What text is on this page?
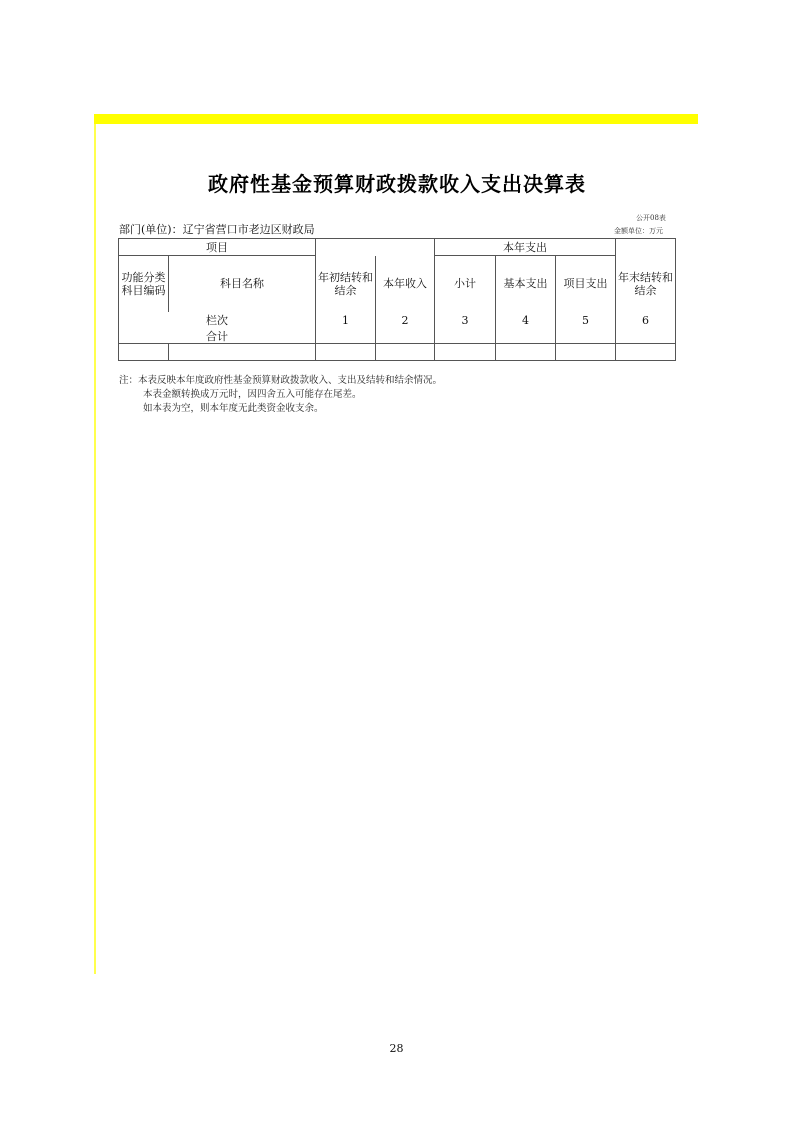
政府性基金预算财政拨款收入支出决算表
部门(单位)：辽宁省营口市老边区财政局
公开08表
金额单位：万元
项目				本年支出			
功能分类科目编码	科目名称	年初结转和结余	本年收入	小计	基本支出	项目支出	年末结转和结余
栏次		1	2	3	4	5	6
合计							

注：本表反映本年度政府性基金预算财政拨款收入、支出及结转和结余情况。
本表金额转换成万元时，因四舍五入可能存在尾差。
如本表为空，则本年度无此类资金收支余。
28
